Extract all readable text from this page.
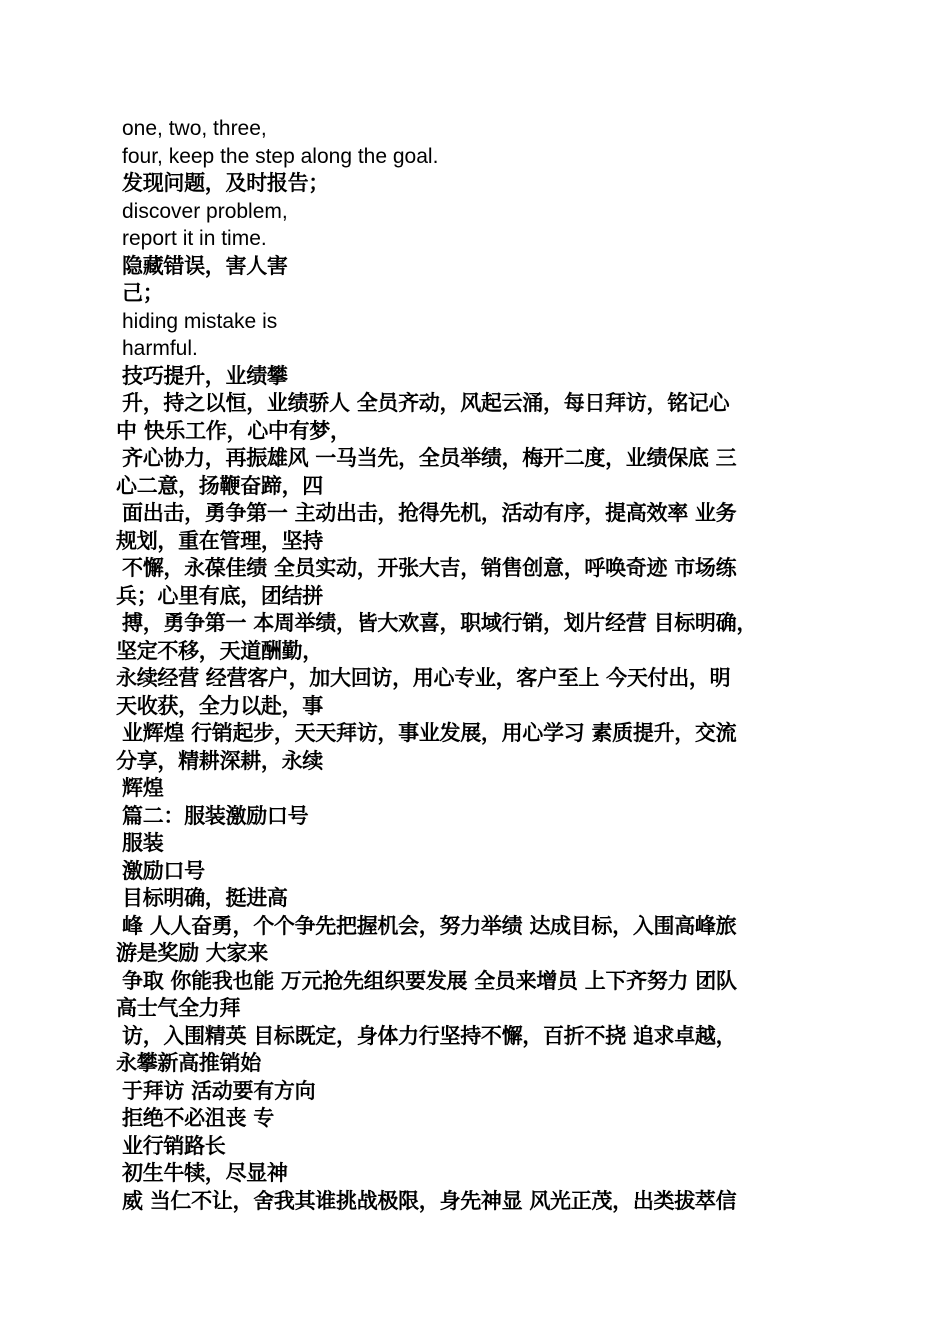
one, two, three,
four, keep the step along the goal.
发现问题，及时报告；
discover problem,
report it in time.
隐藏错误，害人害
己；
hiding mistake is
harmful.
技巧提升，业绩攀
升，持之以恒，业绩骄人 全员齐动，风起云涌，每日拜访，铭记心
中 快乐工作，心中有梦，
齐心协力，再振雄风 一马当先，全员举绩，梅开二度，业绩保底 三
心二意，扬鞭奋蹄，四
面出击，勇争第一 主动出击，抢得先机，活动有序，提高效率 业务
规划，重在管理，坚持
不懈，永葆佳绩 全员实动，开张大吉，销售创意，呼唤奇迹 市场练
兵；心里有底，团结拼
搏，勇争第一 本周举绩，皆大欢喜，职域行销，划片经营 目标明确，
坚定不移，天道酬勤，
永续经营 经营客户，加大回访，用心专业，客户至上 今天付出，明
天收获，全力以赴，事
业辉煌 行销起步，天天拜访，事业发展，用心学习 素质提升，交流
分享，精耕深耕，永续
辉煌
篇二：服装激励口号
服装
激励口号
目标明确，挺进高
峰 人人奋勇，个个争先把握机会，努力举绩 达成目标，入围高峰旅
游是奖励 大家来
争取 你能我也能 万元抢先组织要发展 全员来增员 上下齐努力 团队
高士气全力拜
访，入围精英 目标既定，身体力行坚持不懈，百折不挠 追求卓越，
永攀新高推销始
于拜访 活动要有方向
拒绝不必沮丧 专
业行销路长
初生牛犊，尽显神
威 当仁不让，舍我其谁挑战极限，身先神显 风光正茂，出类拔萃信
